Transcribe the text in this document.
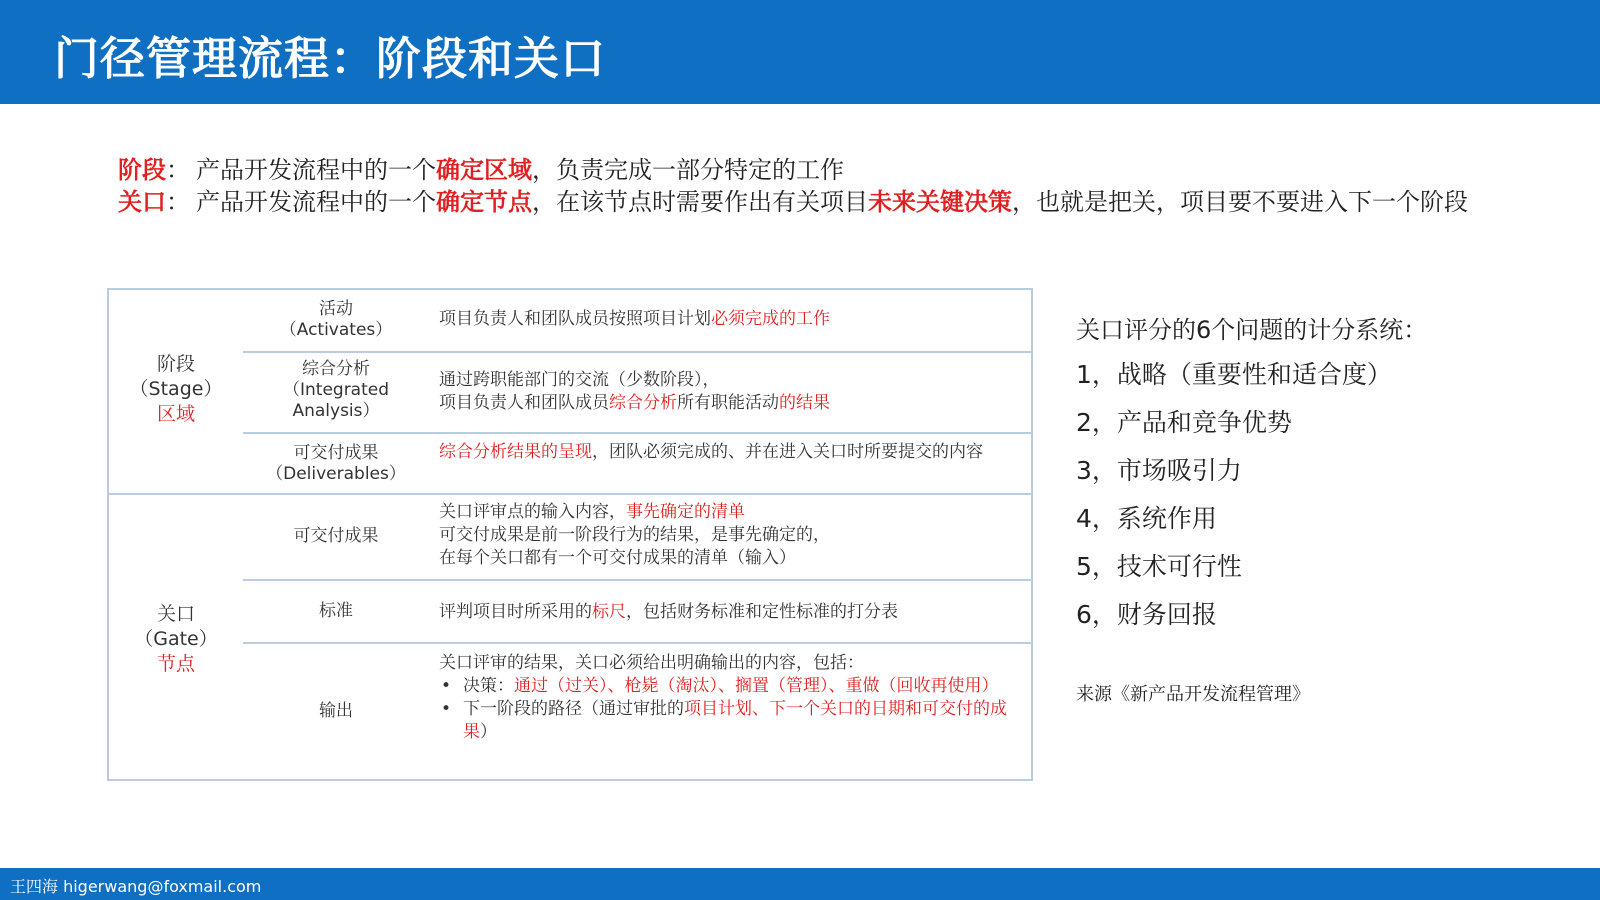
门径管理流程：阶段和关口
阶段： 产品开发流程中的一个确定区域，负责完成一部分特定的工作
关口： 产品开发流程中的一个确定节点，在该节点时需要作出有关项目未来关键决策，也就是把关，项目要不要进入下一个阶段
阶段
（Stage）
区域
关口
（Gate）
节点
活动
（Activates）
项目负责人和团队成员按照项目计划必须完成的工作
综合分析
（Integrated
Analysis）
通过跨职能部门的交流（少数阶段），
项目负责人和团队成员综合分析所有职能活动的结果
可交付成果
（Deliverables）
综合分析结果的呈现，团队必须完成的、并在进入关口时所要提交的内容
可交付成果
关口评审点的输入内容，事先确定的清单
可交付成果是前一阶段行为的结果，是事先确定的，
在每个关口都有一个可交付成果的清单（输入）
标准	评判项目时所采用的标尺，包括财务标准和定性标准的打分表
输出
关口评审的结果，关口必须给出明确输出的内容，包括：
• 决策：通过（过关）、枪毙（淘汰）、搁置（管理）、重做（回收再使用）
• 下一阶段的路径（通过审批的项目计划、下一个关口的日期和可交付的成果）
关口评分的6个问题的计分系统：
1，战略（重要性和适合度）
2，产品和竞争优势
3，市场吸引力
4，系统作用
5，技术可行性
6，财务回报
来源《新产品开发流程管理》
王四海 higerwang@foxmail.com
